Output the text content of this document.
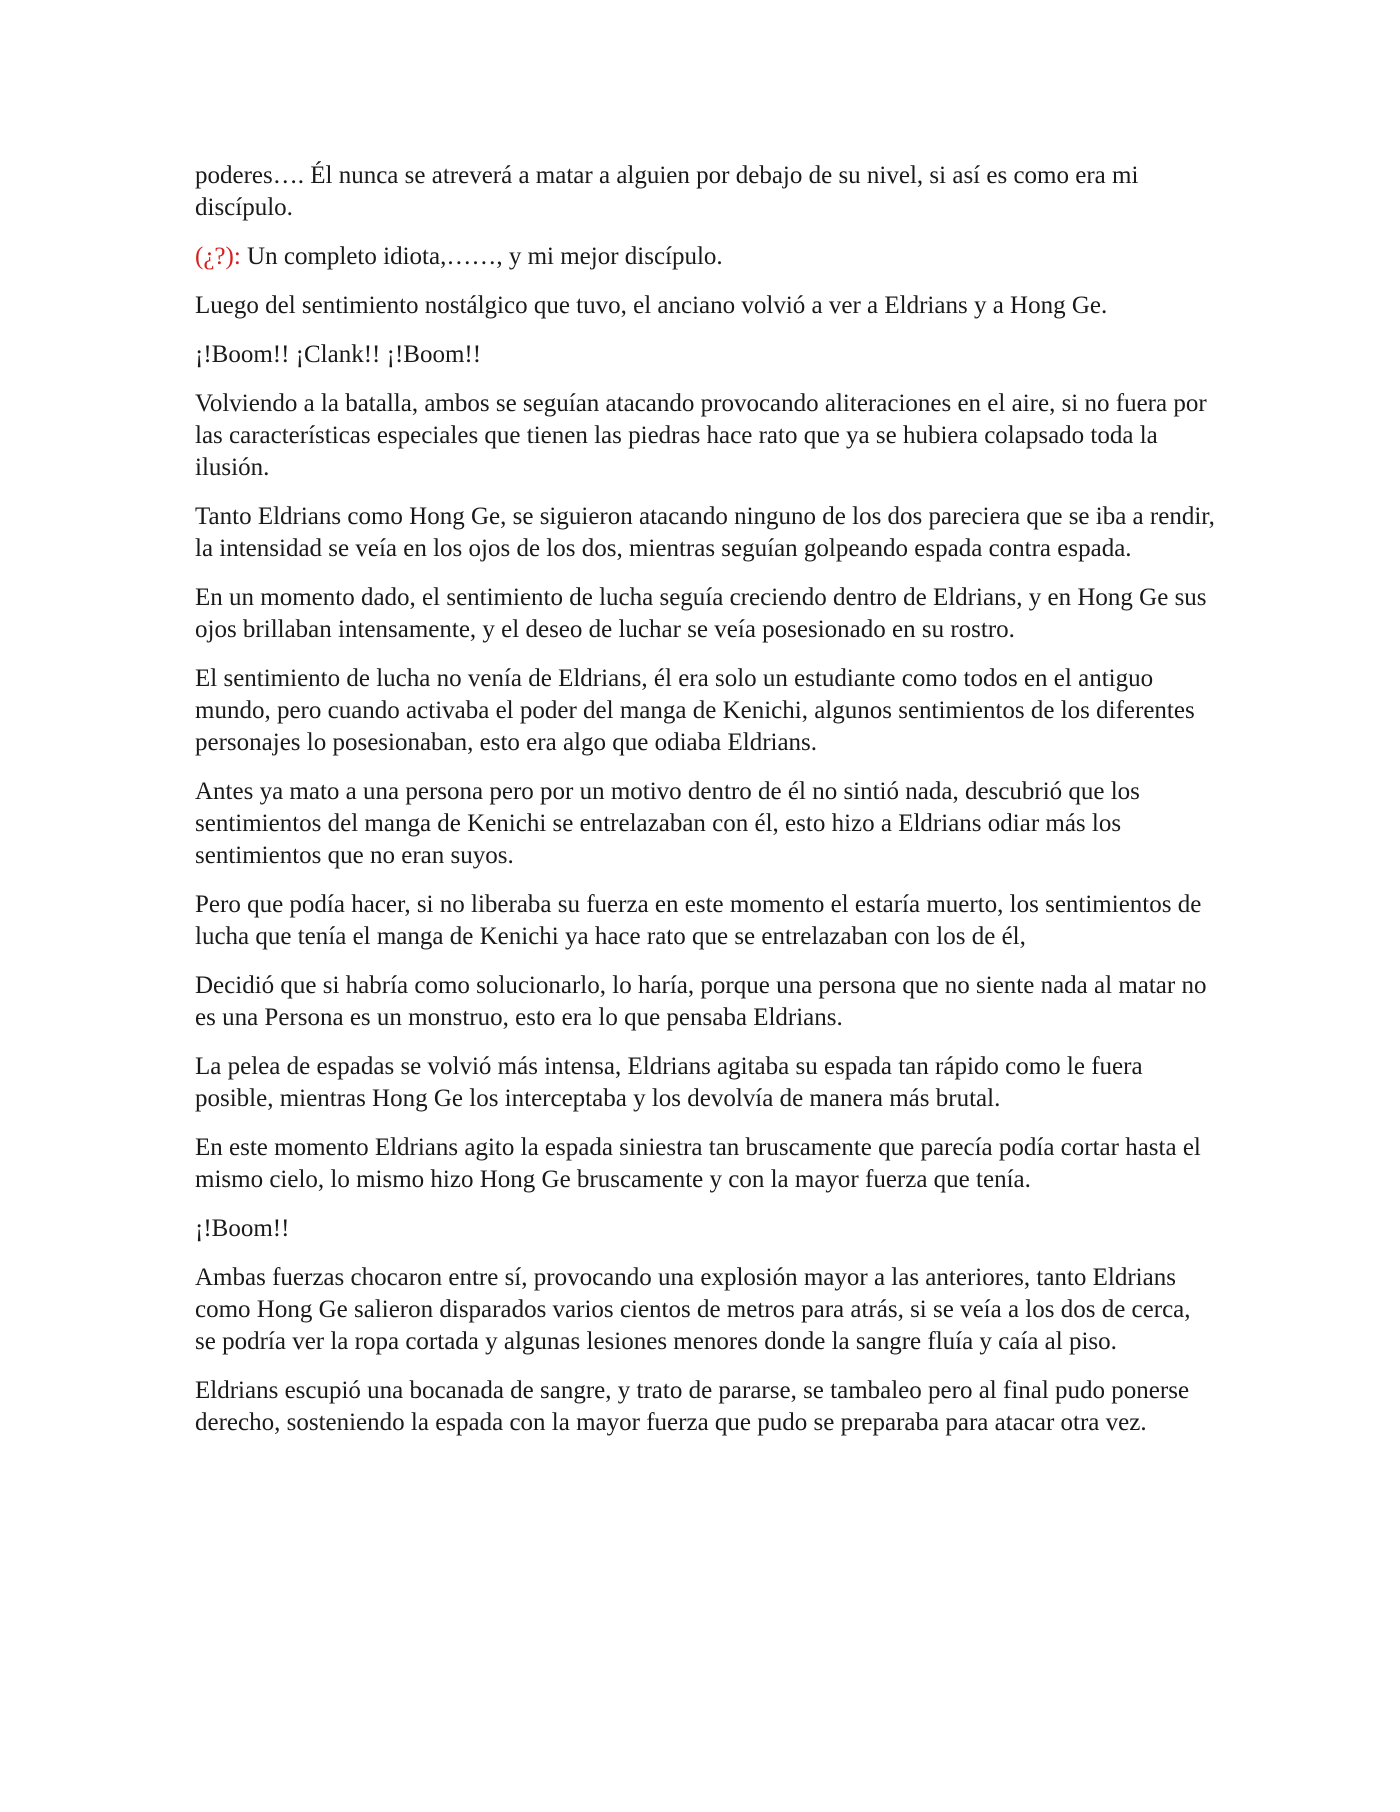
poderes…. Él nunca se atreverá a matar a alguien por debajo de su nivel, si así es como era mi discípulo.

(¿?): Un completo idiota,……, y mi mejor discípulo.

Luego del sentimiento nostálgico que tuvo, el anciano volvió a ver a Eldrians y a Hong Ge.

¡!Boom!! ¡Clank!! ¡!Boom!!

Volviendo a la batalla, ambos se seguían atacando provocando aliteraciones en el aire, si no fuera por las características especiales que tienen las piedras hace rato que ya se hubiera colapsado toda la ilusión.

Tanto Eldrians como Hong Ge, se siguieron atacando ninguno de los dos pareciera que se iba a rendir, la intensidad se veía en los ojos de los dos, mientras seguían golpeando espada contra espada.

En un momento dado, el sentimiento de lucha seguía creciendo dentro de Eldrians, y en Hong Ge sus ojos brillaban intensamente, y el deseo de luchar se veía posesionado en su rostro.

El sentimiento de lucha no venía de Eldrians, él era solo un estudiante como todos en el antiguo mundo, pero cuando activaba el poder del manga de Kenichi, algunos sentimientos de los diferentes personajes lo posesionaban, esto era algo que odiaba Eldrians.

Antes ya mato a una persona pero por un motivo dentro de él no sintió nada, descubrió que los sentimientos del manga de Kenichi se entrelazaban con él, esto hizo a Eldrians odiar más los sentimientos que no eran suyos.

Pero que podía hacer, si no liberaba su fuerza en este momento el estaría muerto, los sentimientos de lucha que tenía el manga de Kenichi ya hace rato que se entrelazaban con los de él,

Decidió que si habría como solucionarlo, lo haría, porque una persona que no siente nada al matar no es una Persona es un monstruo, esto era lo que pensaba Eldrians.

La pelea de espadas se volvió más intensa, Eldrians agitaba su espada tan rápido como le fuera posible, mientras Hong Ge los interceptaba y los devolvía de manera más brutal.

En este momento Eldrians agito la espada siniestra tan bruscamente que parecía podía cortar hasta el mismo cielo, lo mismo hizo Hong Ge bruscamente y con la mayor fuerza que tenía.

¡!Boom!!

Ambas fuerzas chocaron entre sí, provocando una explosión mayor a las anteriores, tanto Eldrians como Hong Ge salieron disparados varios cientos de metros para atrás, si se veía a los dos de cerca, se podría ver la ropa cortada y algunas lesiones menores donde la sangre fluía y caía al piso.

Eldrians escupió una bocanada de sangre, y trato de pararse, se tambaleo pero al final pudo ponerse derecho, sosteniendo la espada con la mayor fuerza que pudo se preparaba para atacar otra vez.
